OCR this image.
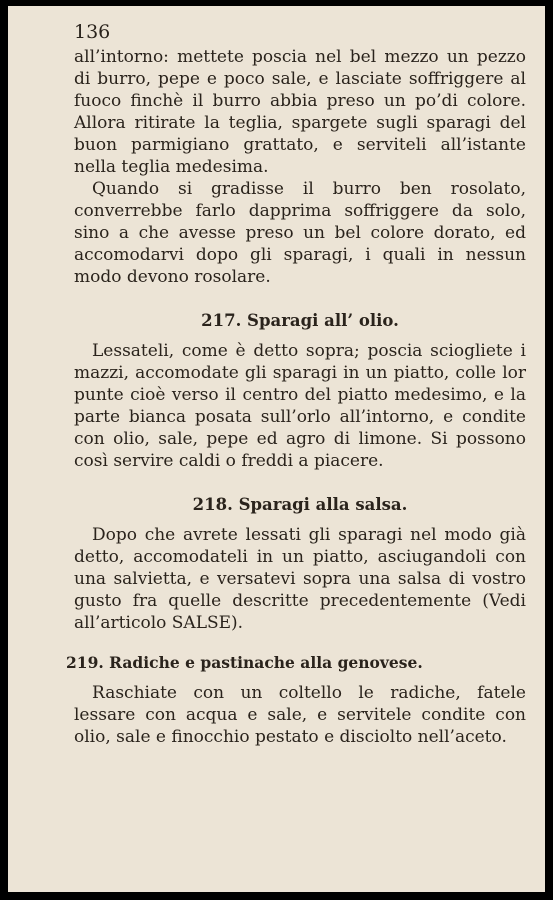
136

all’intorno: mettete poscia nel bel mezzo un pezzo di burro, pepe e poco sale, e lasciate soffriggere al fuoco finchè il burro abbia preso un po’di colore. Allora ritirate la teglia, spargete sugli sparagi del buon parmigiano grattato, e serviteli all’istante nella teglia medesima.

Quando si gradisse il burro ben rosolato, converrebbe farlo dapprima soffriggere da solo, sino a che avesse preso un bel colore dorato, ed accomodarvi dopo gli sparagi, i quali in nessun modo devono rosolare.

217. Sparagi all’ olio.

Lessateli, come è detto sopra; poscia sciogliete i mazzi, accomodate gli sparagi in un piatto, colle lor punte cioè verso il centro del piatto medesimo, e la parte bianca posata sull’orlo all’intorno, e condite con olio, sale, pepe ed agro di limone. Si possono così servire caldi o freddi a piacere.

218. Sparagi alla salsa.

Dopo che avrete lessati gli sparagi nel modo già detto, accomodateli in un piatto, asciugandoli con una salvietta, e versatevi sopra una salsa di vostro gusto fra quelle descritte precedentemente (Vedi all’articolo SALSE).

219. Radiche e pastinache alla genovese.

Raschiate con un coltello le radiche, fatele lessare con acqua e sale, e servitele condite con olio, sale e finocchio pestato e disciolto nell’aceto.
